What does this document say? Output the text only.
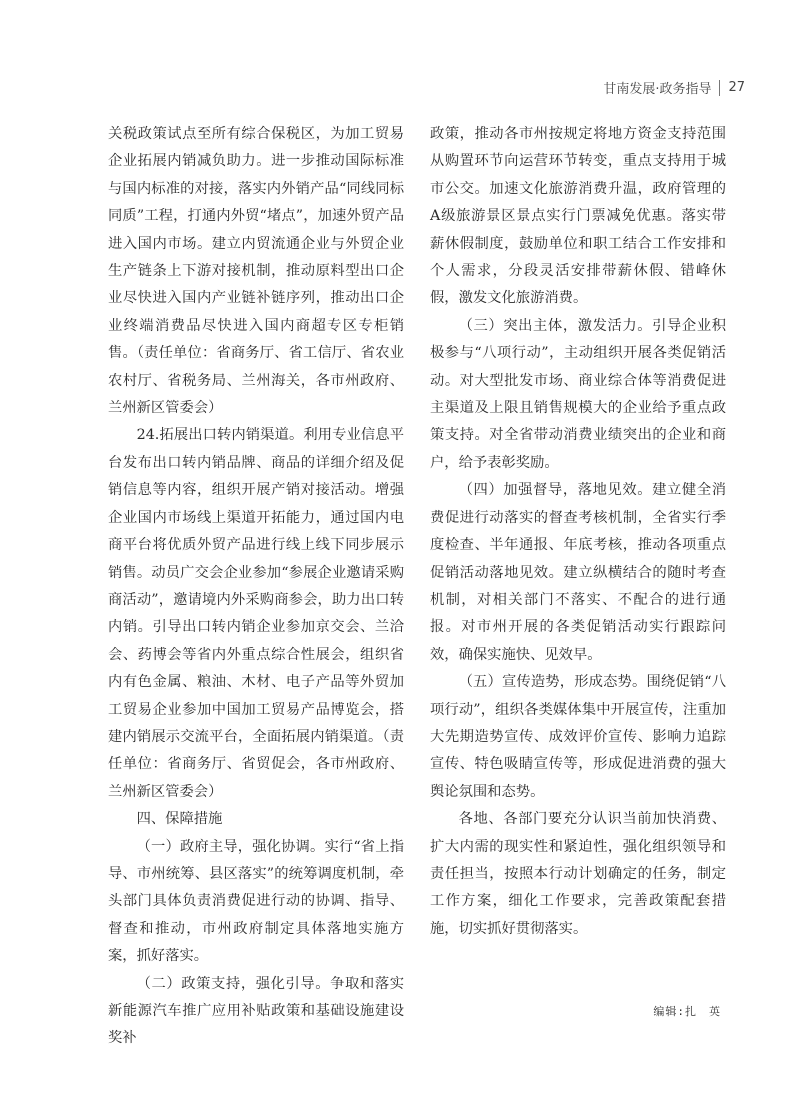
甘南发展·政务指导 27

关税政策试点至所有综合保税区，为加工贸易企业拓展内销减负助力。进一步推动国际标准与国内标准的对接，落实内外销产品“同线同标同质”工程，打通内外贸“堵点”，加速外贸产品进入国内市场。建立内贸流通企业与外贸企业生产链条上下游对接机制，推动原料型出口企业尽快进入国内产业链补链序列，推动出口企业终端消费品尽快进入国内商超专区专柜销售。（责任单位：省商务厅、省工信厅、省农业农村厅、省税务局、兰州海关，各市州政府、兰州新区管委会）

24.拓展出口转内销渠道。利用专业信息平台发布出口转内销品牌、商品的详细介绍及促销信息等内容，组织开展产销对接活动。增强企业国内市场线上渠道开拓能力，通过国内电商平台将优质外贸产品进行线上线下同步展示销售。动员广交会企业参加“参展企业邀请采购商活动”，邀请境内外采购商参会，助力出口转内销。引导出口转内销企业参加京交会、兰洽会、药博会等省内外重点综合性展会，组织省内有色金属、粮油、木材、电子产品等外贸加工贸易企业参加中国加工贸易产品博览会，搭建内销展示交流平台，全面拓展内销渠道。（责任单位：省商务厅、省贸促会，各市州政府、兰州新区管委会）

四、保障措施

（一）政府主导，强化协调。实行“省上指导、市州统筹、县区落实”的统筹调度机制，牵头部门具体负责消费促进行动的协调、指导、督查和推动，市州政府制定具体落地实施方案，抓好落实。

（二）政策支持，强化引导。争取和落实新能源汽车推广应用补贴政策和基础设施建设奖补

政策，推动各市州按规定将地方资金支持范围从购置环节向运营环节转变，重点支持用于城市公交。加速文化旅游消费升温，政府管理的A级旅游景区景点实行门票减免优惠。落实带薪休假制度，鼓励单位和职工结合工作安排和个人需求，分段灵活安排带薪休假、错峰休假，激发文化旅游消费。

（三）突出主体，激发活力。引导企业积极参与“八项行动”，主动组织开展各类促销活动。对大型批发市场、商业综合体等消费促进主渠道及上限且销售规模大的企业给予重点政策支持。对全省带动消费业绩突出的企业和商户，给予表彰奖励。

（四）加强督导，落地见效。建立健全消费促进行动落实的督查考核机制，全省实行季度检查、半年通报、年底考核，推动各项重点促销活动落地见效。建立纵横结合的随时考查机制，对相关部门不落实、不配合的进行通报。对市州开展的各类促销活动实行跟踪问效，确保实施快、见效早。

（五）宣传造势，形成态势。围绕促销“八项行动”，组织各类媒体集中开展宣传，注重加大先期造势宣传、成效评价宣传、影响力追踪宣传、特色吸睛宣传等，形成促进消费的强大舆论氛围和态势。

各地、各部门要充分认识当前加快消费、扩大内需的现实性和紧迫性，强化组织领导和责任担当，按照本行动计划确定的任务，制定工作方案，细化工作要求，完善政策配套措施，切实抓好贯彻落实。

编辑:扎　英
